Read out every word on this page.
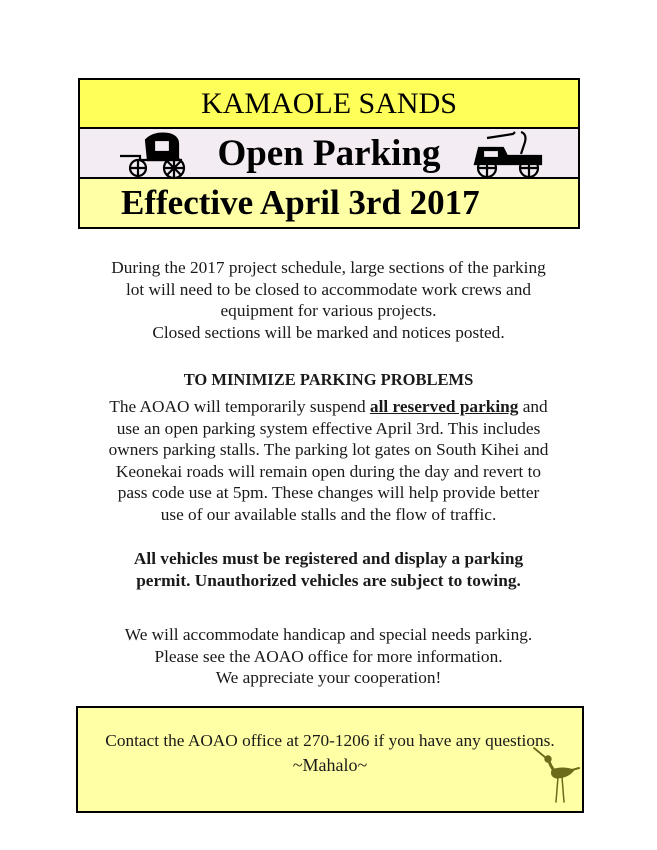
KAMAOLE SANDS
Open Parking
Effective April 3rd 2017
During the 2017 project schedule, large sections of the parking
lot will need to be closed to accommodate work crews and
equipment for various projects.
Closed sections will be marked and notices posted.
TO MINIMIZE PARKING PROBLEMS
The AOAO will temporarily suspend all reserved parking and
use an open parking system effective April 3rd. This includes
owners parking stalls. The parking lot gates on South Kihei and
Keonekai roads will remain open during the day and revert to
pass code use at 5pm. These changes will help provide better
use of our available stalls and the flow of traffic.
All vehicles must be registered and display a parking
permit. Unauthorized vehicles are subject to towing.
We will accommodate handicap and special needs parking.
Please see the AOAO office for more information.
We appreciate your cooperation!
Contact the AOAO office at 270-1206 if you have any questions.
~Mahalo~
